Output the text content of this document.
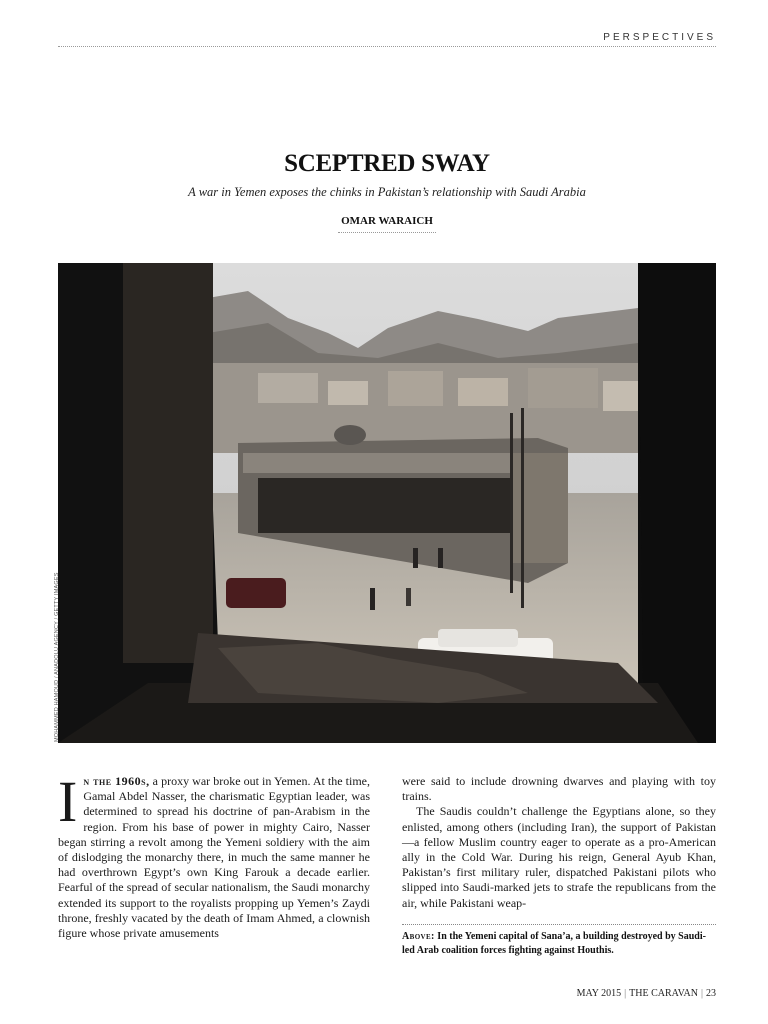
PERSPECTIVES
SCEPTRED SWAY
A war in Yemen exposes the chinks in Pakistan’s relationship with Saudi Arabia
OMAR WARAICH
MOHAMMED HAMOUD / ANADOLU AGENCY / GETTY IMAGES
In the 1960s, a proxy war broke out in Yemen. At the time, Gamal Abdel Nasser, the charismatic Egyptian leader, was determined to spread his doctrine of pan-Arabism in the region. From his base of power in mighty Cairo, Nasser began stirring a revolt among the Yemeni soldiery with the aim of dislodging the monarchy there, in much the same manner he had overthrown Egypt’s own King Farouk a decade earlier. Fearful of the spread of secular nationalism, the Saudi monarchy extended its support to the royalists propping up Yemen’s Zaydi throne, freshly vacated by the death of Imam Ahmed, a clownish figure whose private amusements

were said to include drowning dwarves and playing with toy trains.

The Saudis couldn’t challenge the Egyptians alone, so they enlisted, among others (including Iran), the support of Pakistan—a fellow Muslim country eager to operate as a pro-American ally in the Cold War. During his reign, General Ayub Khan, Pakistan’s first military ruler, dispatched Pakistani pilots who slipped into Saudi-marked jets to strafe the republicans from the air, while Pakistani weap-

Above: In the Yemeni capital of Sana’a, a building destroyed by Saudi-led Arab coalition forces fighting against Houthis.
MAY 2015 | THE CARAVAN | 23
